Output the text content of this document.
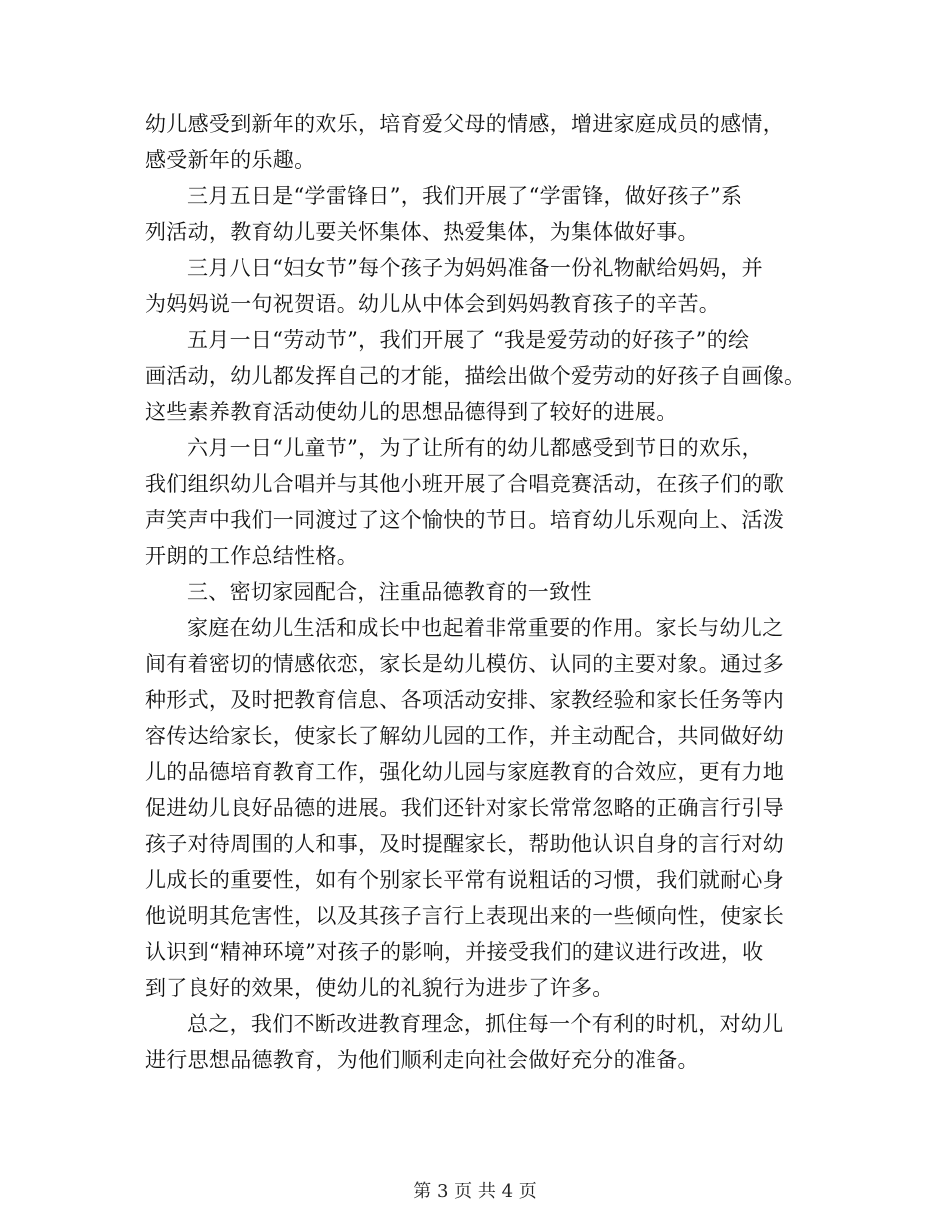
幼儿感受到新年的欢乐，培育爱父母的情感，增进家庭成员的感情，
感受新年的乐趣。
三月五日是“学雷锋日”，我们开展了“学雷锋，做好孩子”系
列活动，教育幼儿要关怀集体、热爱集体，为集体做好事。
三月八日“妇女节”每个孩子为妈妈准备一份礼物献给妈妈，并
为妈妈说一句祝贺语。幼儿从中体会到妈妈教育孩子的辛苦。
五月一日“劳动节”，我们开展了 “我是爱劳动的好孩子”的绘
画活动，幼儿都发挥自己的才能，描绘出做个爱劳动的好孩子自画像。
这些素养教育活动使幼儿的思想品德得到了较好的进展。
六月一日“儿童节”，为了让所有的幼儿都感受到节日的欢乐，
我们组织幼儿合唱并与其他小班开展了合唱竞赛活动，在孩子们的歌
声笑声中我们一同渡过了这个愉快的节日。培育幼儿乐观向上、活泼
开朗的工作总结性格。
三、密切家园配合，注重品德教育的一致性
家庭在幼儿生活和成长中也起着非常重要的作用。家长与幼儿之
间有着密切的情感依恋，家长是幼儿模仿、认同的主要对象。通过多
种形式，及时把教育信息、各项活动安排、家教经验和家长任务等内
容传达给家长，使家长了解幼儿园的工作，并主动配合，共同做好幼
儿的品德培育教育工作，强化幼儿园与家庭教育的合效应，更有力地
促进幼儿良好品德的进展。我们还针对家长常常忽略的正确言行引导
孩子对待周围的人和事，及时提醒家长，帮助他认识自身的言行对幼
儿成长的重要性，如有个别家长平常有说粗话的习惯，我们就耐心身
他说明其危害性，以及其孩子言行上表现出来的一些倾向性，使家长
认识到“精神环境”对孩子的影响，并接受我们的建议进行改进，收
到了良好的效果，使幼儿的礼貌行为进步了许多。
总之，我们不断改进教育理念，抓住每一个有利的时机，对幼儿
进行思想品德教育，为他们顺利走向社会做好充分的准备。
第 3 页 共 4 页
